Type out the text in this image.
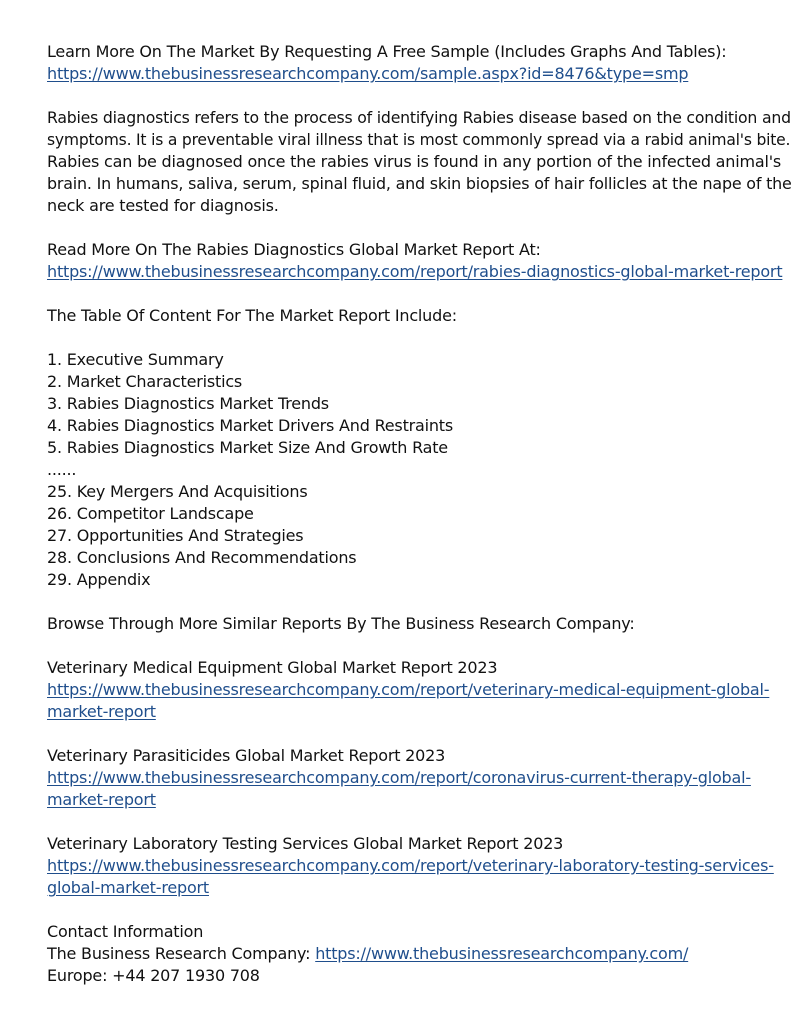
Learn More On The Market By Requesting A Free Sample (Includes Graphs And Tables):
https://www.thebusinessresearchcompany.com/sample.aspx?id=8476&type=smp
Rabies diagnostics refers to the process of identifying Rabies disease based on the condition and
symptoms. It is a preventable viral illness that is most commonly spread via a rabid animal's bite.
Rabies can be diagnosed once the rabies virus is found in any portion of the infected animal's
brain. In humans, saliva, serum, spinal fluid, and skin biopsies of hair follicles at the nape of the
neck are tested for diagnosis.
Read More On The Rabies Diagnostics Global Market Report At:
https://www.thebusinessresearchcompany.com/report/rabies-diagnostics-global-market-report
The Table Of Content For The Market Report Include:
1. Executive Summary
2. Market Characteristics
3. Rabies Diagnostics Market Trends
4. Rabies Diagnostics Market Drivers And Restraints
5. Rabies Diagnostics Market Size And Growth Rate
......
25. Key Mergers And Acquisitions
26. Competitor Landscape
27. Opportunities And Strategies
28. Conclusions And Recommendations
29. Appendix
Browse Through More Similar Reports By The Business Research Company:
Veterinary Medical Equipment Global Market Report 2023
https://www.thebusinessresearchcompany.com/report/veterinary-medical-equipment-global-
market-report
Veterinary Parasiticides Global Market Report 2023
https://www.thebusinessresearchcompany.com/report/coronavirus-current-therapy-global-
market-report
Veterinary Laboratory Testing Services Global Market Report 2023
https://www.thebusinessresearchcompany.com/report/veterinary-laboratory-testing-services-
global-market-report
Contact Information
The Business Research Company: https://www.thebusinessresearchcompany.com/
Europe: +44 207 1930 708
